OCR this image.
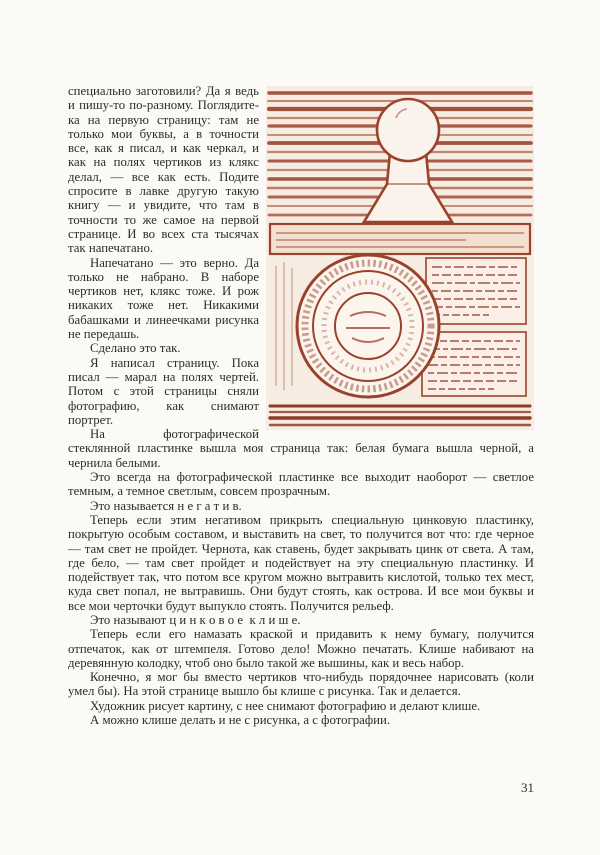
специально заготовили? Да я ведь и пишу-то по-разному. Поглядите-ка на первую страницу: там не только мои буквы, а в точности все, как я писал, и как черкал, и как на полях чертиков из клякс делал, — все как есть. Подите спросите в лавке другую такую книгу — и увидите, что там в точности то же самое на первой странице. И во всех ста тысячах так напечатано.

Напечатано — это верно. Да только не набрано. В наборе чертиков нет, клякс тоже. И рож никаких тоже нет. Никакими бабашками и линеечками рисунка не передашь.

Сделано это так.

Я написал страницу. Пока писал — марал на полях чертей. Потом с этой страницы сняли фотографию, как снимают портрет.

На фотографической стеклянной пластинке вышла моя страница так: белая бумага вышла черной, а чернила белыми.

Это всегда на фотографической пластинке все выходит наоборот — светлое темным, а темное светлым, совсем прозрачным.

Это называется н е г а т и в.

Теперь если этим негативом прикрыть специальную цинковую пластинку, покрытую особым составом, и выставить на свет, то получится вот что: где черное — там свет не пройдет. Чернота, как ставень, будет закрывать цинк от света. А там, где бело, — там свет пройдет и подействует на эту специальную пластинку. И подействует так, что потом все кругом можно вытравить кислотой, только тех мест, куда свет попал, не вытравишь. Они будут стоять, как острова. И все мои буквы и все мои черточки будут выпукло стоять. Получится рельеф.

Это называют ц и н к о в о е  к л и ш е.

Теперь если его намазать краской и придавить к нему бумагу, получится отпечаток, как от штемпеля. Готово дело! Можно печатать. Клише набивают на деревянную колодку, чтоб оно было такой же вышины, как и весь набор.

Конечно, я мог бы вместо чертиков что-нибудь порядочнее нарисовать (коли умел бы). На этой странице вышло бы клише с рисунка. Так и делается.

Художник рисует картину, с нее снимают фотографию и делают клише.

А можно клише делать и не с рисунка, а с фотографии.

31
